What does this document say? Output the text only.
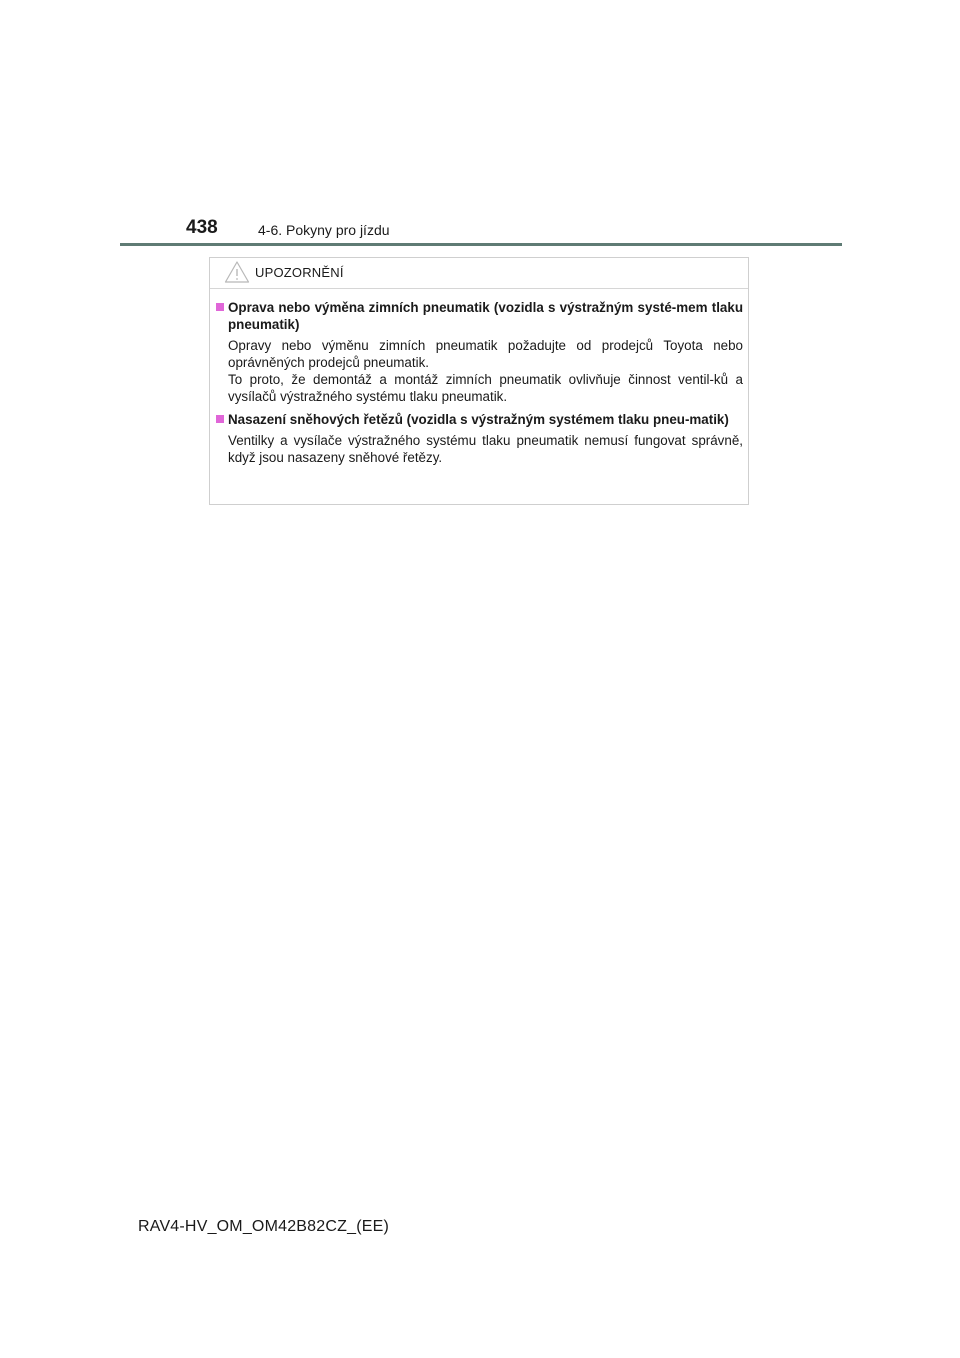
438	4-6. Pokyny pro jízdu
UPOZORNĚNÍ
Oprava nebo výměna zimních pneumatik (vozidla s výstražným systé-mem tlaku pneumatik)

Opravy nebo výměnu zimních pneumatik požadujte od prodejců Toyota nebo oprávněných prodejců pneumatik.

To proto, že demontáž a montáž zimních pneumatik ovlivňuje činnost ventil-ků a vysílačů výstražného systému tlaku pneumatik.

Nasazení sněhových řetězů (vozidla s výstražným systémem tlaku pneu-matik)

Ventilky a vysílače výstražného systému tlaku pneumatik nemusí fungovat správně, když jsou nasazeny sněhové řetězy.

RAV4-HV_OM_OM42B82CZ_(EE)
